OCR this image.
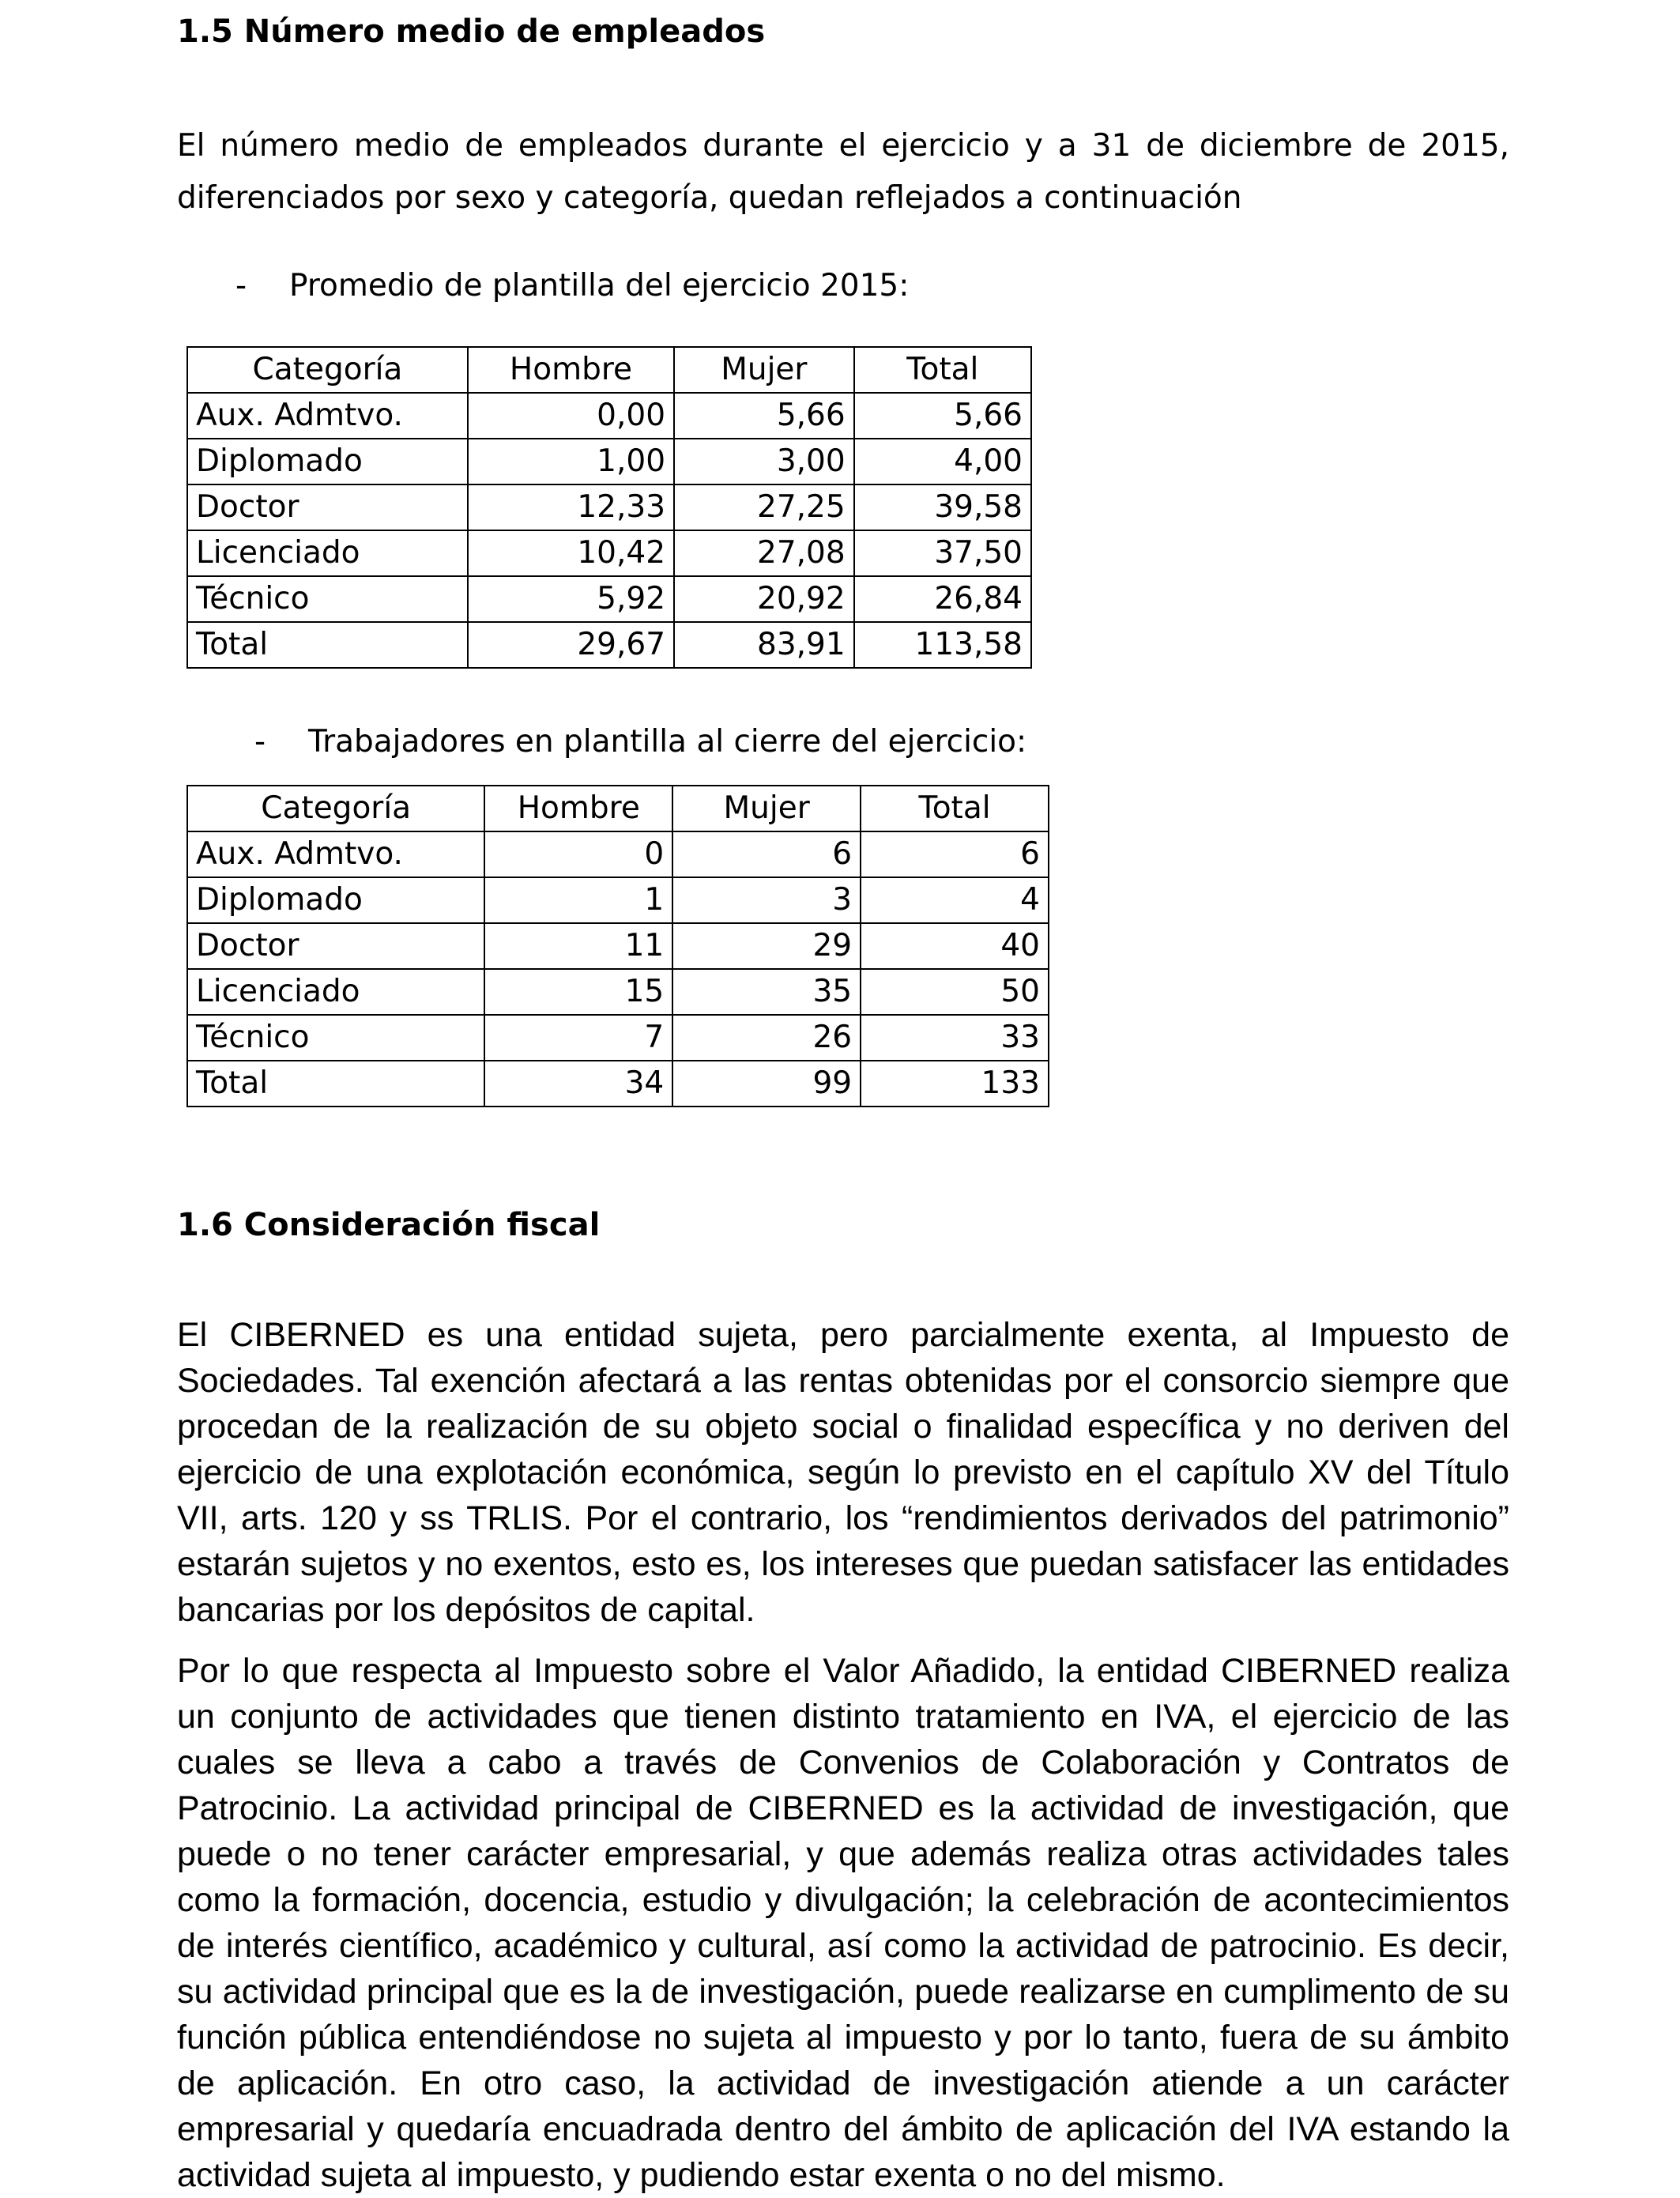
1.5 Número medio de empleados
El número medio de empleados durante el ejercicio y a 31 de diciembre de 2015, diferenciados por sexo y categoría, quedan reflejados a continuación
- Promedio de plantilla del ejercicio 2015:
Categoría	Hombre	Mujer	Total
Aux. Admtvo.	0,00	5,66	5,66
Diplomado	1,00	3,00	4,00
Doctor	12,33	27,25	39,58
Licenciado	10,42	27,08	37,50
Técnico	5,92	20,92	26,84
Total	29,67	83,91	113,58
- Trabajadores en plantilla al cierre del ejercicio:
Categoría	Hombre	Mujer	Total
Aux. Admtvo.	0	6	6
Diplomado	1	3	4
Doctor	11	29	40
Licenciado	15	35	50
Técnico	7	26	33
Total	34	99	133
1.6 Consideración fiscal
El CIBERNED es una entidad sujeta, pero parcialmente exenta, al Impuesto de Sociedades. Tal exención afectará a las rentas obtenidas por el consorcio siempre que procedan de la realización de su objeto social o finalidad específica y no deriven del ejercicio de una explotación económica, según lo previsto en el capítulo XV del Título VII, arts. 120 y ss TRLIS. Por el contrario, los “rendimientos derivados del patrimonio” estarán sujetos y no exentos, esto es, los intereses que puedan satisfacer las entidades bancarias por los depósitos de capital.
Por lo que respecta al Impuesto sobre el Valor Añadido, la entidad CIBERNED realiza un conjunto de actividades que tienen distinto tratamiento en IVA, el ejercicio de las cuales se lleva a cabo a través de Convenios de Colaboración y Contratos de Patrocinio. La actividad principal de CIBERNED es la actividad de investigación, que puede o no tener carácter empresarial, y que además realiza otras actividades tales como la formación, docencia, estudio y divulgación; la celebración de acontecimientos de interés científico, académico y cultural, así como la actividad de patrocinio. Es decir, su actividad principal que es la de investigación, puede realizarse en cumplimento de su función pública entendiéndose no sujeta al impuesto y por lo tanto, fuera de su ámbito de aplicación. En otro caso, la actividad de investigación atiende a un carácter empresarial y quedaría encuadrada dentro del ámbito de aplicación del IVA estando la actividad sujeta al impuesto, y pudiendo estar exenta o no del mismo.
